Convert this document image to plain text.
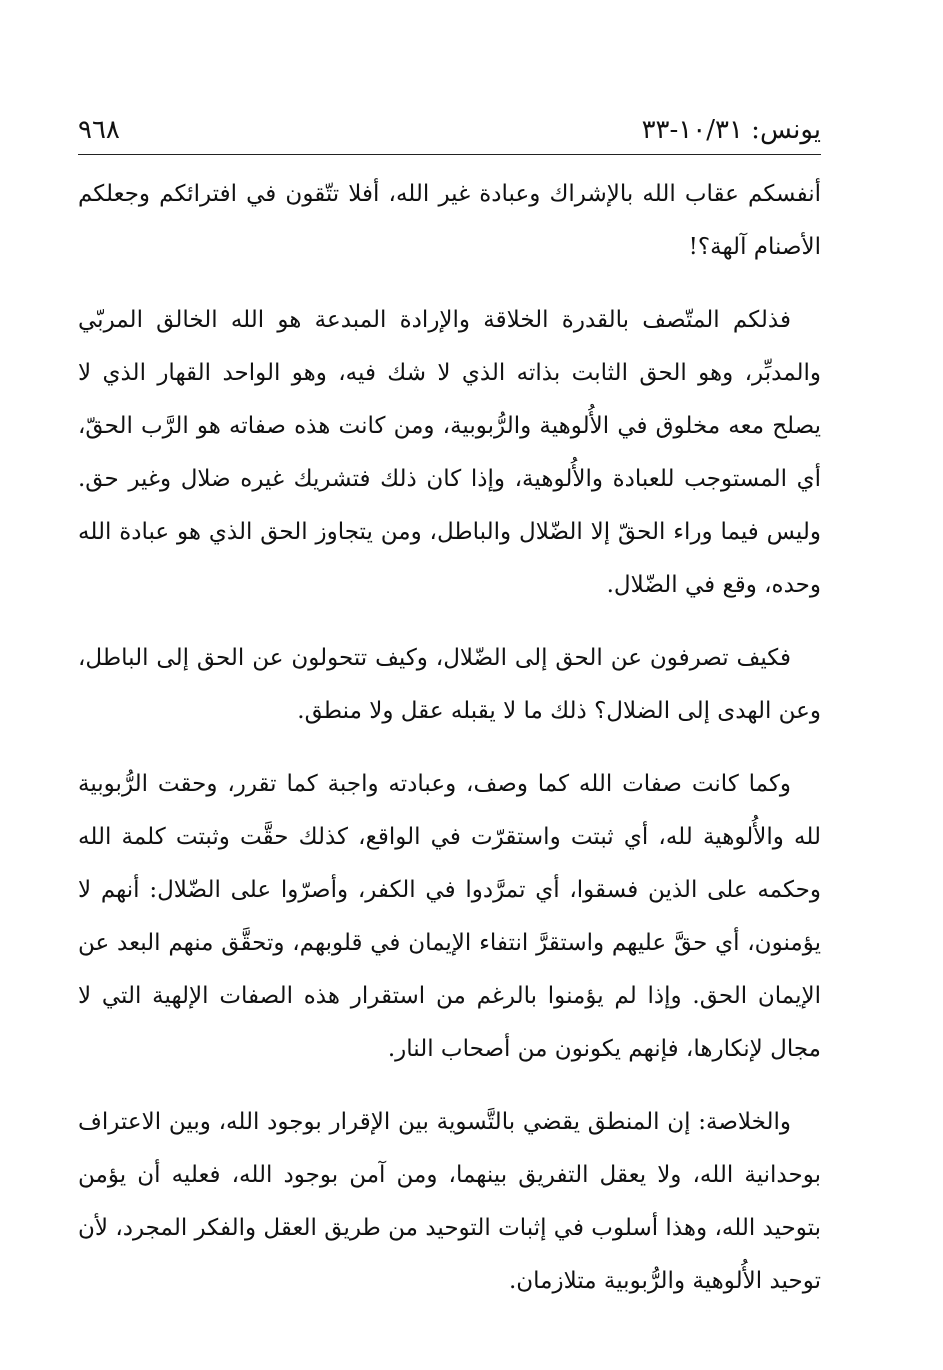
يونس: ١٠/٣١-٣٣
٩٦٨

أنفسكم عقاب الله بالإشراك وعبادة غير الله، أفلا تتّقون في افترائكم وجعلكم الأصنام آلهة؟!

فذلكم المتّصف بالقدرة الخلاقة والإرادة المبدعة هو الله الخالق المربّي والمدبِّر، وهو الحق الثابت بذاته الذي لا شك فيه، وهو الواحد القهار الذي لا يصلح معه مخلوق في الأُلوهية والرُّبوبية، ومن كانت هذه صفاته هو الرَّب الحقّ، أي المستوجب للعبادة والأُلوهية، وإذا كان ذلك فتشريك غيره ضلال وغير حق. وليس فيما وراء الحقّ إلا الضّلال والباطل، ومن يتجاوز الحق الذي هو عبادة الله وحده، وقع في الضّلال.

فكيف تصرفون عن الحق إلى الضّلال، وكيف تتحولون عن الحق إلى الباطل، وعن الهدى إلى الضلال؟ ذلك ما لا يقبله عقل ولا منطق.

وكما كانت صفات الله كما وصف، وعبادته واجبة كما تقرر، وحقت الرُّبوبية لله والأُلوهية لله، أي ثبتت واستقرّت في الواقع، كذلك حقَّت وثبتت كلمة الله وحكمه على الذين فسقوا، أي تمرَّدوا في الكفر، وأصرّوا على الضّلال: أنهم لا يؤمنون، أي حقَّ عليهم واستقرَّ انتفاء الإيمان في قلوبهم، وتحقَّق منهم البعد عن الإيمان الحق. وإذا لم يؤمنوا بالرغم من استقرار هذه الصفات الإلهية التي لا مجال لإنكارها، فإنهم يكونون من أصحاب النار.

والخلاصة: إن المنطق يقضي بالتَّسوية بين الإقرار بوجود الله، وبين الاعتراف بوحدانية الله، ولا يعقل التفريق بينهما، ومن آمن بوجود الله، فعليه أن يؤمن بتوحيد الله، وهذا أسلوب في إثبات التوحيد من طريق العقل والفكر المجرد، لأن توحيد الأُلوهية والرُّبوبية متلازمان.
